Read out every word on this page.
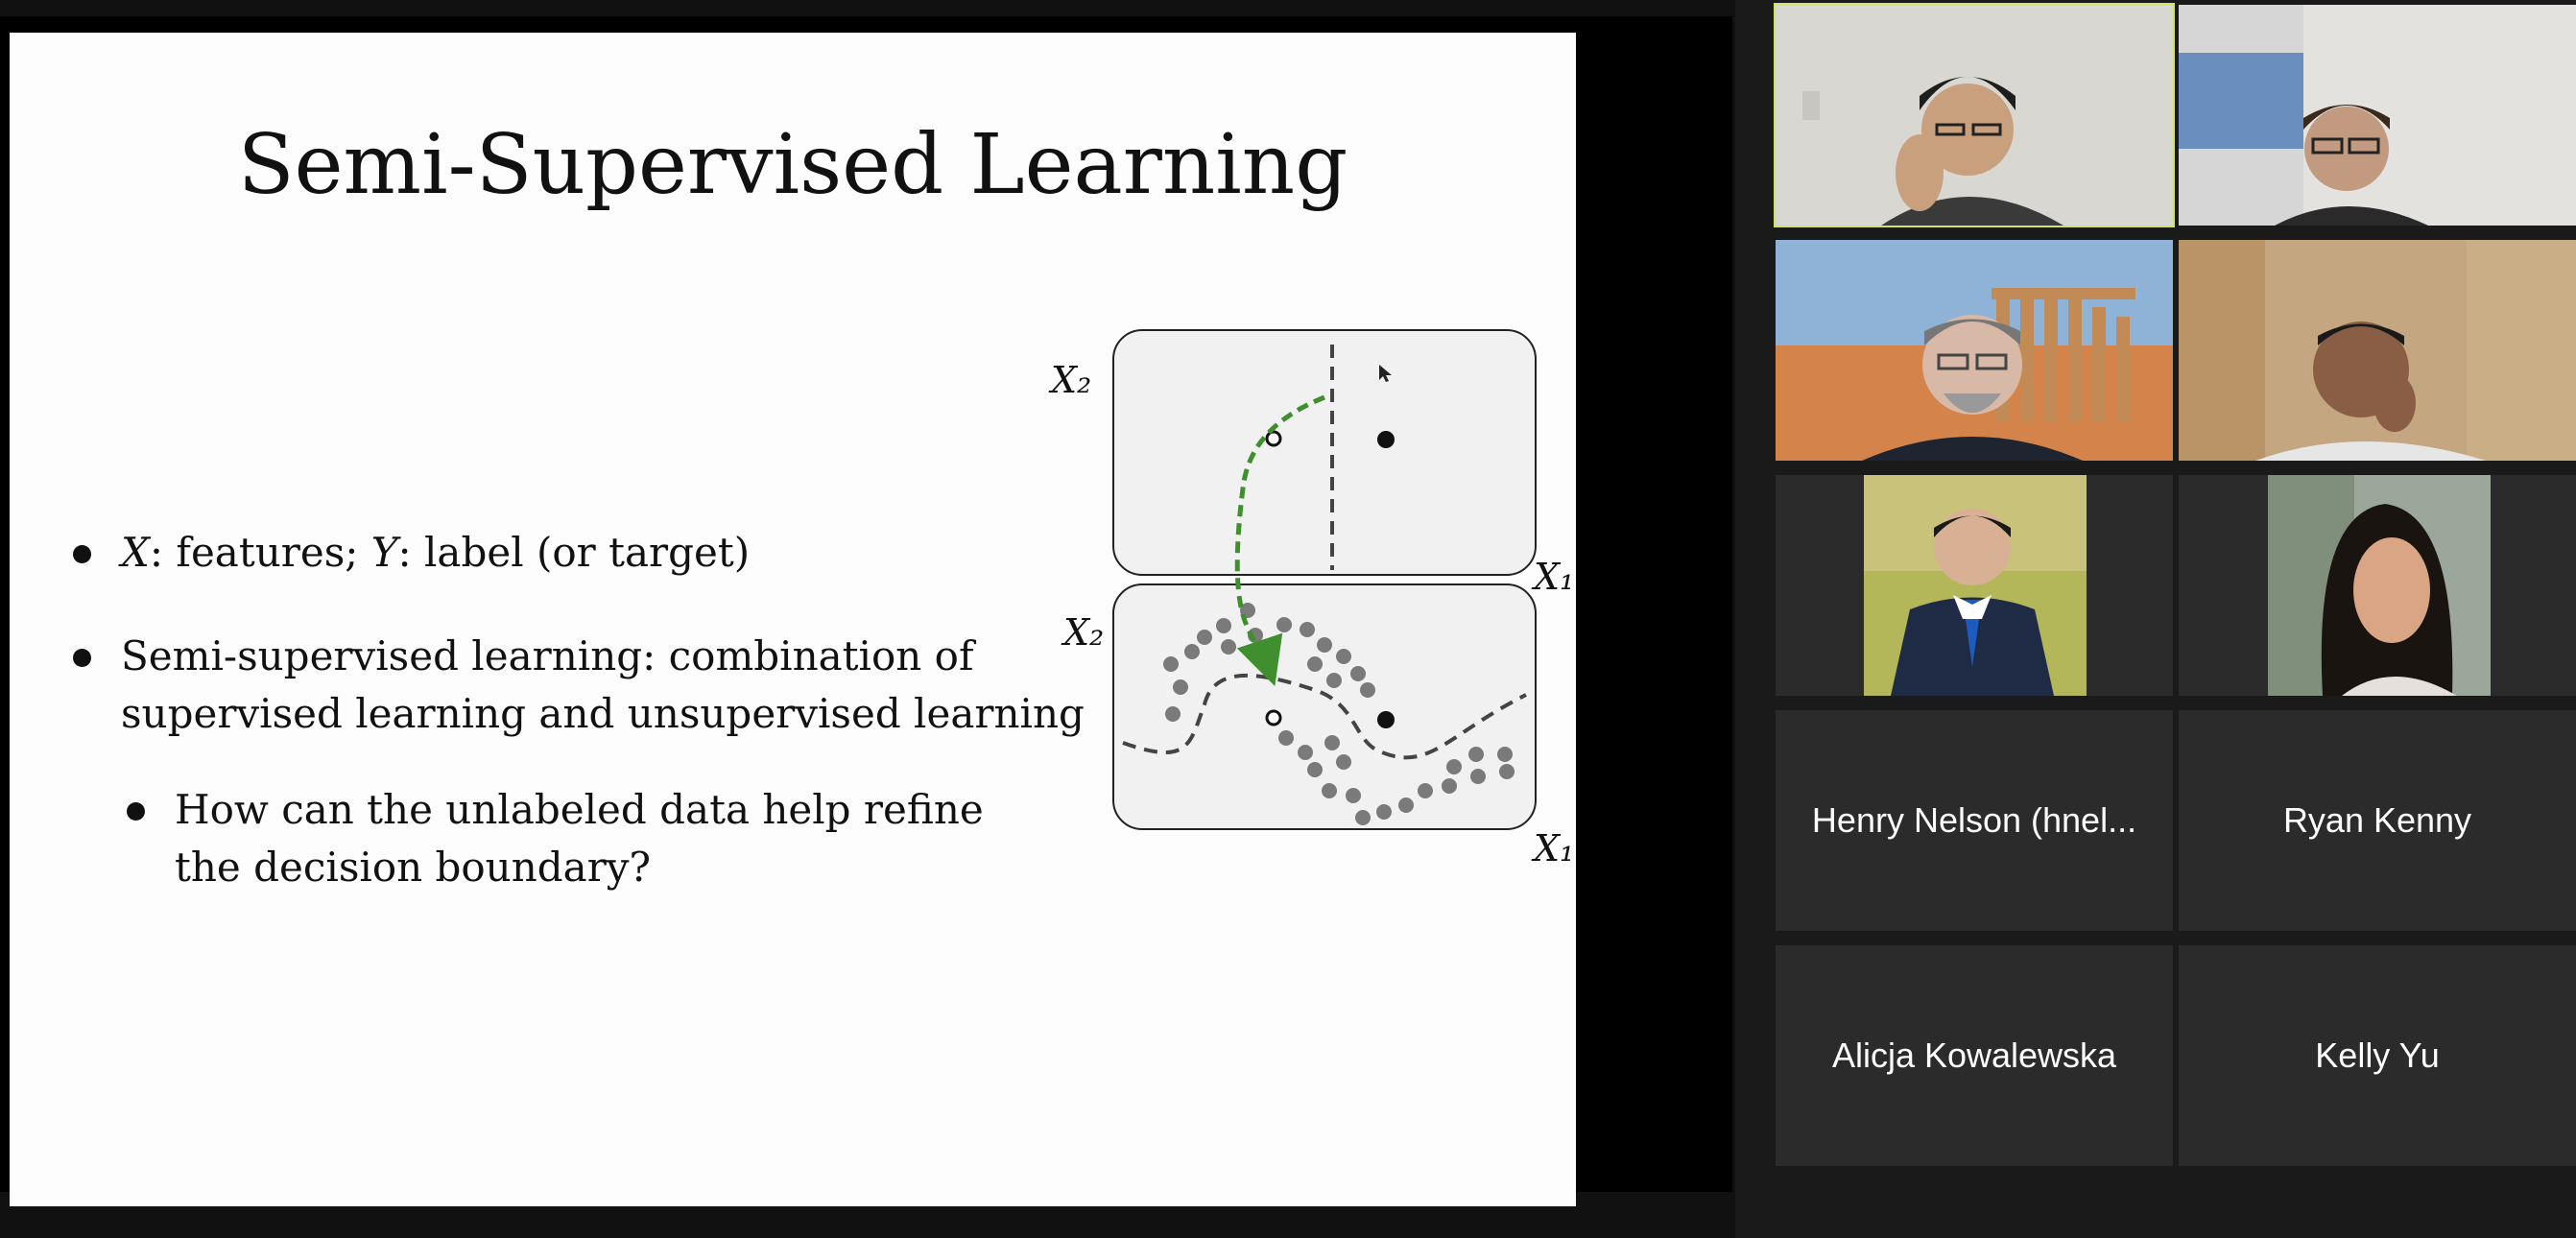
Semi-Supervised Learning
X: features; Y: label (or target)
Semi-supervised learning: combination of
supervised learning and unsupervised learning
How can the unlabeled data help refine
the decision boundary?
X₂
X₁
X₂
X₁
Henry Nelson (hnel...	Ryan Kenny
Alicja Kowalewska	Kelly Yu
